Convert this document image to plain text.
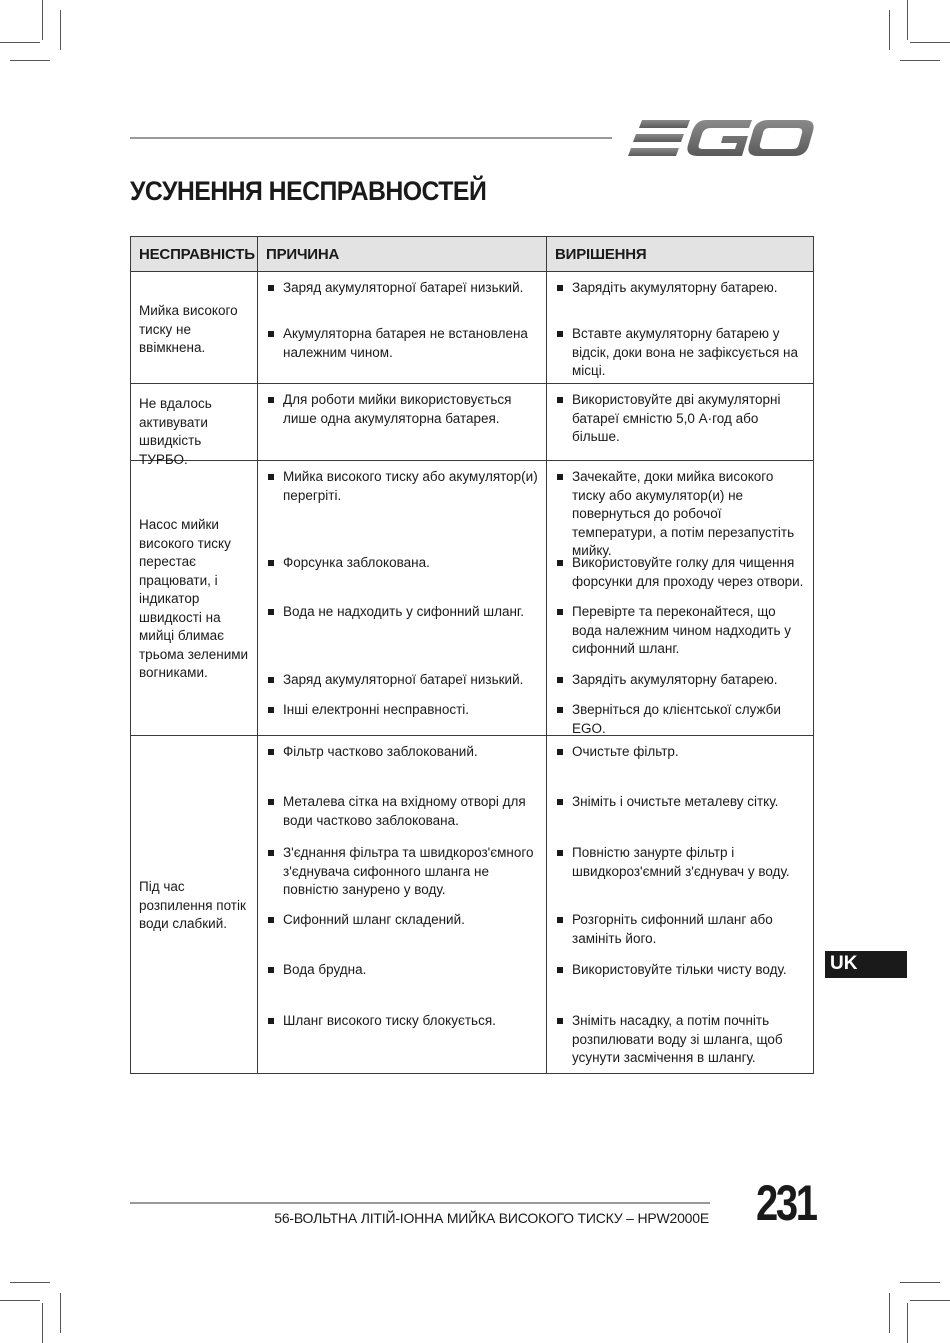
УСУНЕННЯ НЕСПРАВНОСТЕЙ
НЕСПРАВНІСТЬ ПРИЧИНА	ВИРІШЕННЯ
Мийка високого тиску не ввімкнена.
Заряд акумуляторної батареї низький.
Акумуляторна батарея не встановлена належним чином.
Зарядіть акумуляторну батарею.
Вставте акумуляторну батарею у відсік, доки вона не зафіксується на місці.
Не вдалось активувати швидкість ТУРБО.
Для роботи мийки використовується лише одна акумуляторна батарея.
Використовуйте дві акумуляторні батареї ємністю 5,0 А·год або більше.
Насос мийки високого тиску перестає працювати, і індикатор швидкості на мийці блимає трьома зеленими вогниками.
Мийка високого тиску або акумулятор(и) перегріті.
Форсунка заблокована.
Вода не надходить у сифонний шланг.
Заряд акумуляторної батареї низький.
Інші електронні несправності.
Зачекайте, доки мийка високого тиску або акумулятор(и) не повернуться до робочої температури, а потім перезапустіть мийку.
Використовуйте голку для чищення форсунки для проходу через отвори.
Перевірте та переконайтеся, що вода належним чином надходить у сифонний шланг.
Зарядіть акумуляторну батарею.
Зверніться до клієнтської служби EGO.
Під час розпилення потік води слабкий.
Фільтр частково заблокований.
Металева сітка на вхідному отворі для води частково заблокована.
З'єднання фільтра та швидкороз'ємного з'єднувача сифонного шланга не повністю занурено у воду.
Сифонний шланг складений.
Вода брудна.
Шланг високого тиску блокується.
Очистьте фільтр.
Зніміть і очистьте металеву сітку.
Повністю занурте фільтр і швидкороз'ємний з'єднувач у воду.
Розгорніть сифонний шланг або замініть його.
Використовуйте тільки чисту воду.
Зніміть насадку, а потім почніть розпилювати воду зі шланга, щоб усунути засмічення в шлангу.
UK
56-ВОЛЬТНА ЛІТІЙ-ІОННА МИЙКА ВИСОКОГО ТИСКУ – HPW2000E 231
